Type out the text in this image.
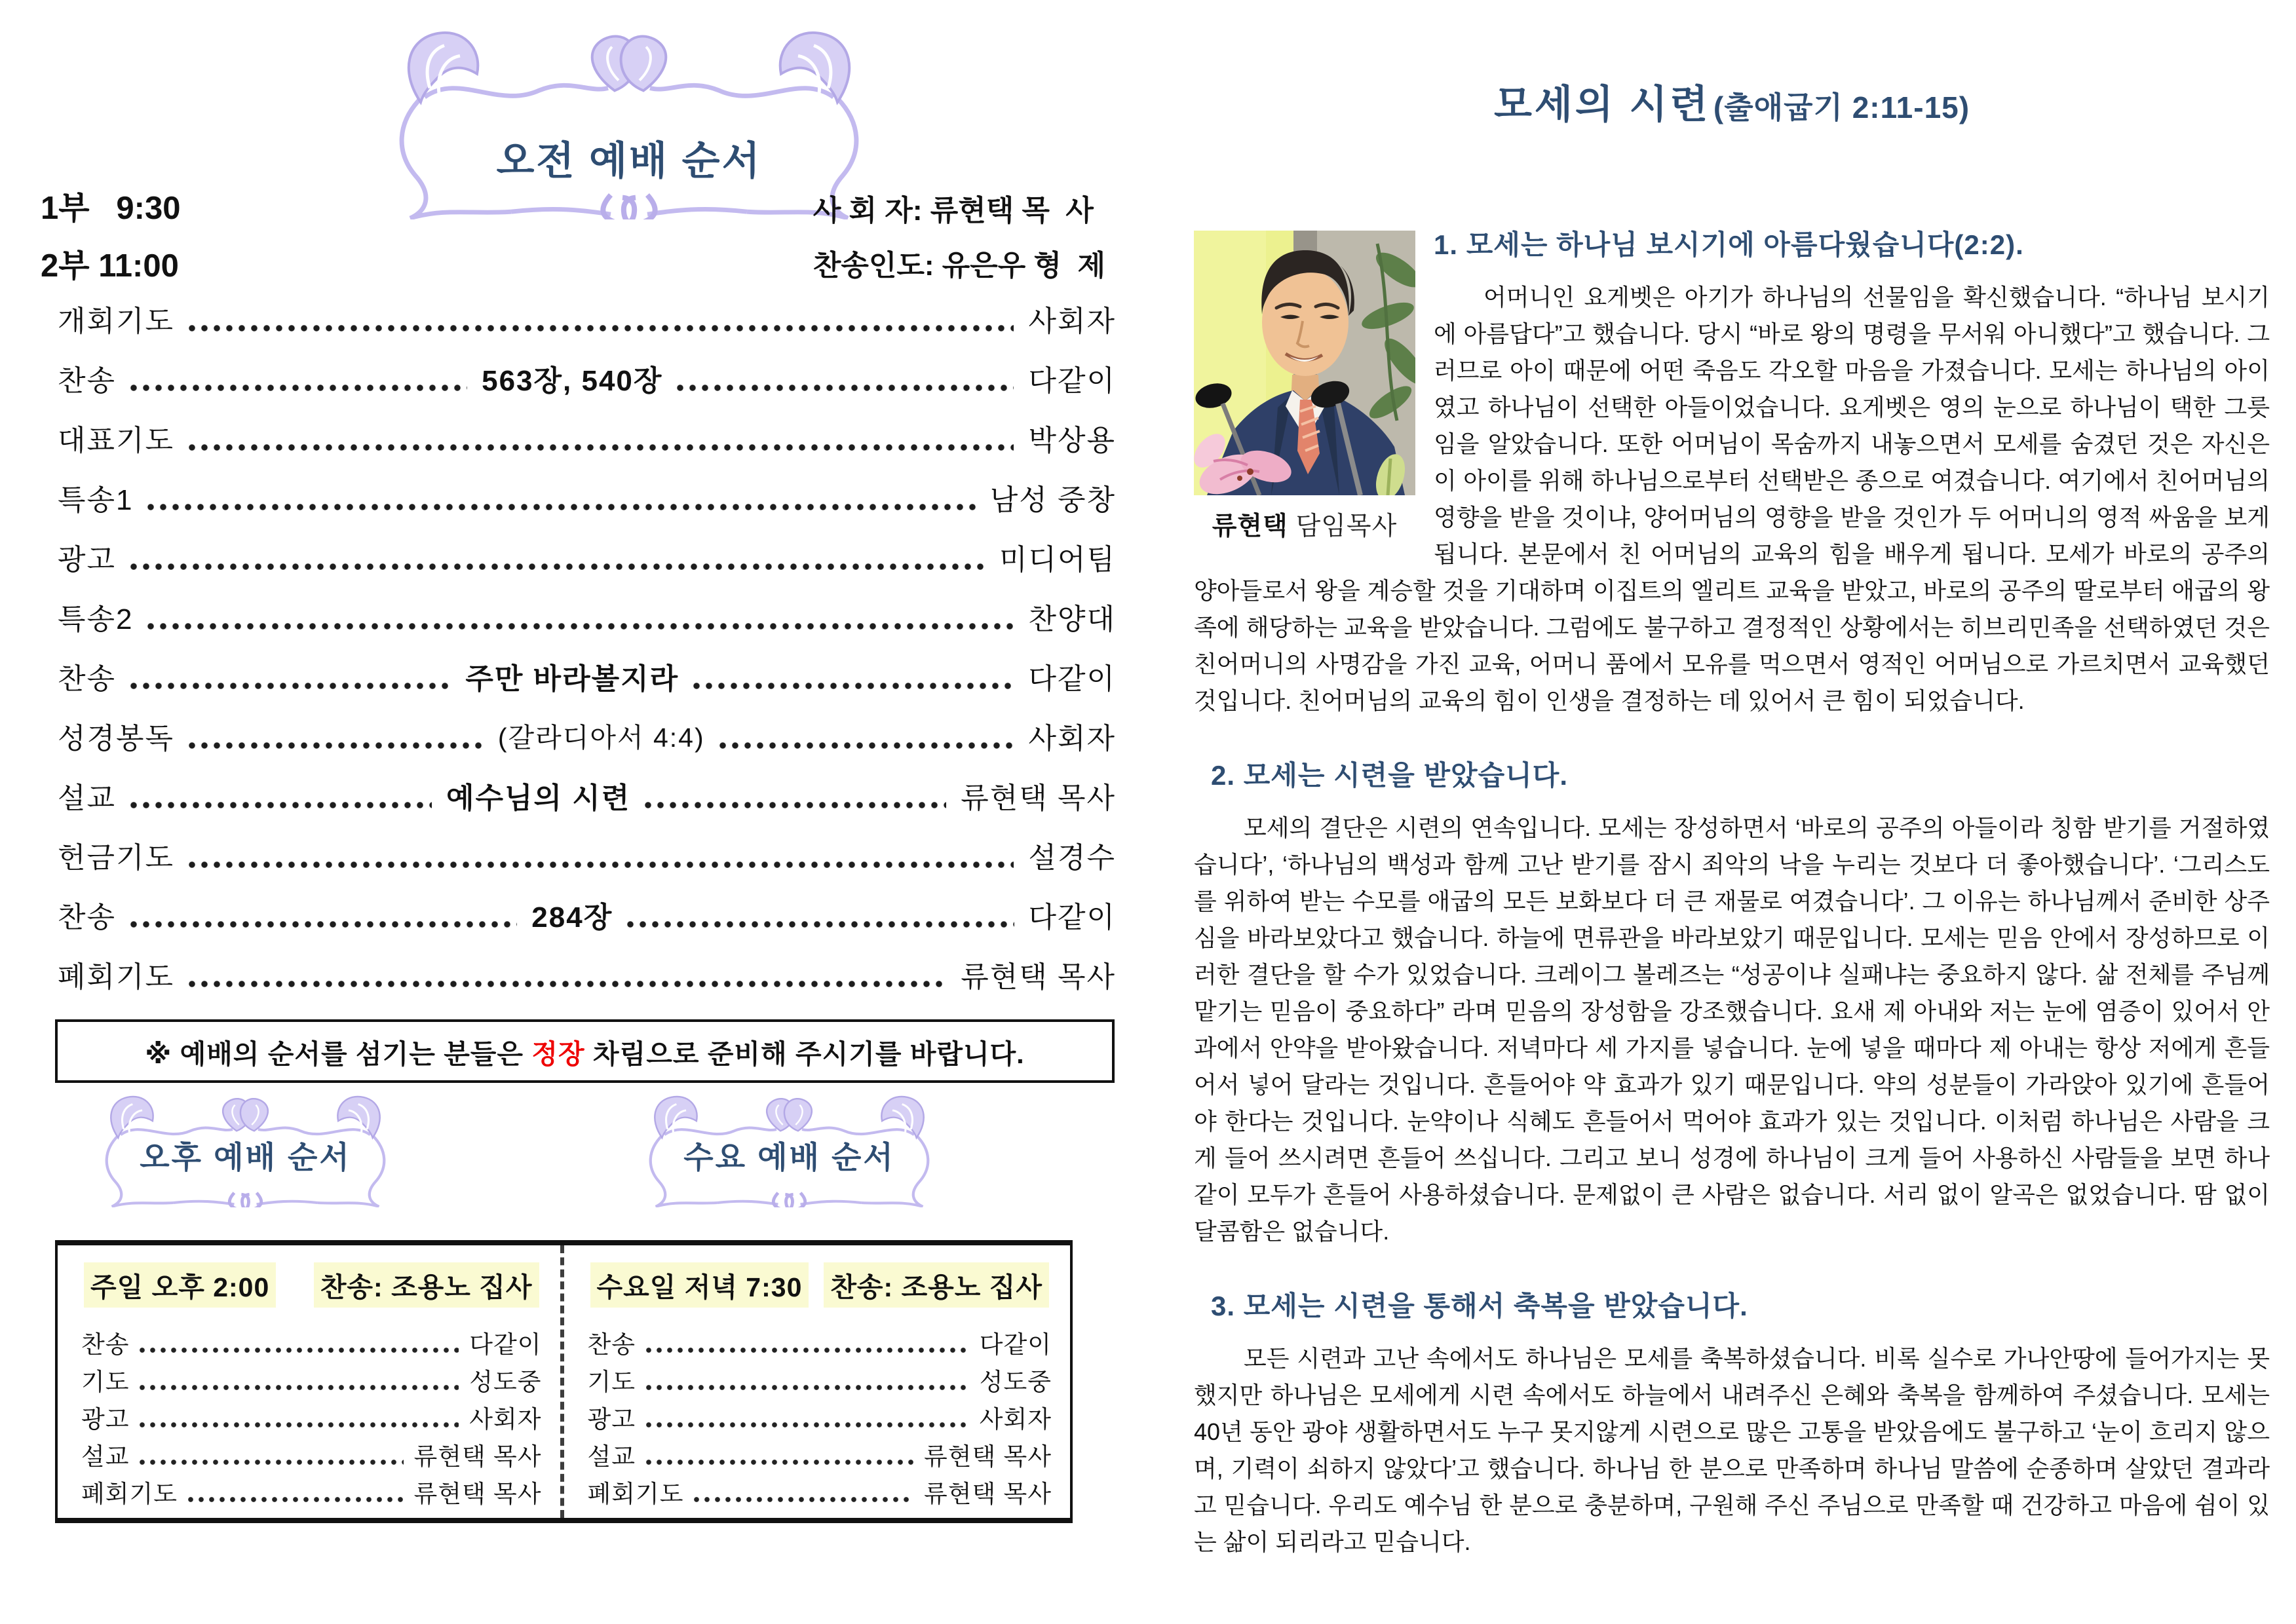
오전 예배 순서
1부   9:30
2부 11:00
사 회 자: 류현택 목  사
찬송인도: 유은우 형  제
개회기도	사회자
찬송	563장, 540장	다같이
대표기도	박상용
특송1	남성 중창
광고	미디어팀
특송2	찬양대
찬송	주만 바라볼지라	다같이
성경봉독	(갈라디아서 4:4)	사회자
설교	예수님의 시련	류현택 목사
헌금기도	설경수
찬송	284장	다같이
폐회기도	류현택 목사
※ 예배의 순서를 섬기는 분들은 정장 차림으로 준비해 주시기를 바랍니다.
오후 예배 순서	수요 예배 순서
주일 오후 2:00 찬송: 조용노 집사
찬송	다같이
기도	성도중
광고	사회자
설교	류현택 목사
폐회기도	류현택 목사
수요일 저녁 7:30 찬송: 조용노 집사
찬송	다같이
기도	성도중
광고	사회자
설교	류현택 목사
폐회기도	류현택 목사
모세의 시련 (출애굽기 2:11-15)
류현택 담임목사
1. 모세는 하나님 보시기에 아름다웠습니다(2:2).

어머니인 요게벳은 아기가 하나님의 선물임을 확신했습니다. “하나님 보시기에 아름답다”고 했습니다. 당시 “바로 왕의 명령을 무서워 아니했다”고 했습니다. 그러므로 아이 때문에 어떤 죽음도 각오할 마음을 가졌습니다. 모세는 하나님의 아이였고 하나님이 선택한 아들이었습니다. 요게벳은 영의 눈으로 하나님이 택한 그릇임을 알았습니다. 또한 어머님이 목숨까지 내놓으면서 모세를 숨겼던 것은 자신은 이 아이를 위해 하나님으로부터 선택받은 종으로 여겼습니다. 여기에서 친어머님의 영향을 받을 것이냐, 양어머님의 영향을 받을 것인가 두 어머니의 영적 싸움을 보게 됩니다. 본문에서 친 어머님의 교육의 힘을 배우게 됩니다. 모세가 바로의 공주의 양아들로서 왕을 계승할 것을 기대하며 이집트의 엘리트 교육을 받았고, 바로의 공주의 딸로부터 애굽의 왕족에 해당하는 교육을 받았습니다. 그럼에도 불구하고 결정적인 상황에서는 히브리민족을 선택하였던 것은 친어머니의 사명감을 가진 교육, 어머니 품에서 모유를 먹으면서 영적인 어머님으로 가르치면서 교육했던 것입니다. 친어머님의 교육의 힘이 인생을 결정하는 데 있어서 큰 힘이 되었습니다.

2. 모세는 시련을 받았습니다.

모세의 결단은 시련의 연속입니다. 모세는 장성하면서 ‘바로의 공주의 아들이라 칭함 받기를 거절하였습니다’, ‘하나님의 백성과 함께 고난 받기를 잠시 죄악의 낙을 누리는 것보다 더 좋아했습니다’. ‘그리스도를 위하여 받는 수모를 애굽의 모든 보화보다 더 큰 재물로 여겼습니다’. 그 이유는 하나님께서 준비한 상주심을 바라보았다고 했습니다. 하늘에 면류관을 바라보았기 때문입니다. 모세는 믿음 안에서 장성하므로 이러한 결단을 할 수가 있었습니다. 크레이그 볼레즈는 “성공이냐 실패냐는 중요하지 않다. 삶 전체를 주님께 맡기는 믿음이 중요하다” 라며 믿음의 장성함을 강조했습니다. 요새 제 아내와 저는 눈에 염증이 있어서 안과에서 안약을 받아왔습니다. 저녁마다 세 가지를 넣습니다. 눈에 넣을 때마다 제 아내는 항상 저에게 흔들어서 넣어 달라는 것입니다. 흔들어야 약 효과가 있기 때문입니다. 약의 성분들이 가라앉아 있기에 흔들어야 한다는 것입니다. 눈약이나 식혜도 흔들어서 먹어야 효과가 있는 것입니다. 이처럼 하나님은 사람을 크게 들어 쓰시려면 흔들어 쓰십니다. 그리고 보니 성경에 하나님이 크게 들어 사용하신 사람들을 보면 하나같이 모두가 흔들어 사용하셨습니다. 문제없이 큰 사람은 없습니다. 서리 없이 알곡은 없었습니다. 땀 없이 달콤함은 없습니다.

3. 모세는 시련을 통해서 축복을 받았습니다.

모든 시련과 고난 속에서도 하나님은 모세를 축복하셨습니다. 비록 실수로 가나안땅에 들어가지는 못했지만 하나님은 모세에게 시련 속에서도 하늘에서 내려주신 은혜와 축복을 함께하여 주셨습니다. 모세는 40년 동안 광야 생활하면서도 누구 못지않게 시련으로 많은 고통을 받았음에도 불구하고 ‘눈이 흐리지 않으며, 기력이 쇠하지 않았다’고 했습니다. 하나님 한 분으로 만족하며 하나님 말씀에 순종하며 살았던 결과라고 믿습니다. 우리도 예수님 한 분으로 충분하며, 구원해 주신 주님으로 만족할 때 건강하고 마음에 쉼이 있는 삶이 되리라고 믿습니다.
